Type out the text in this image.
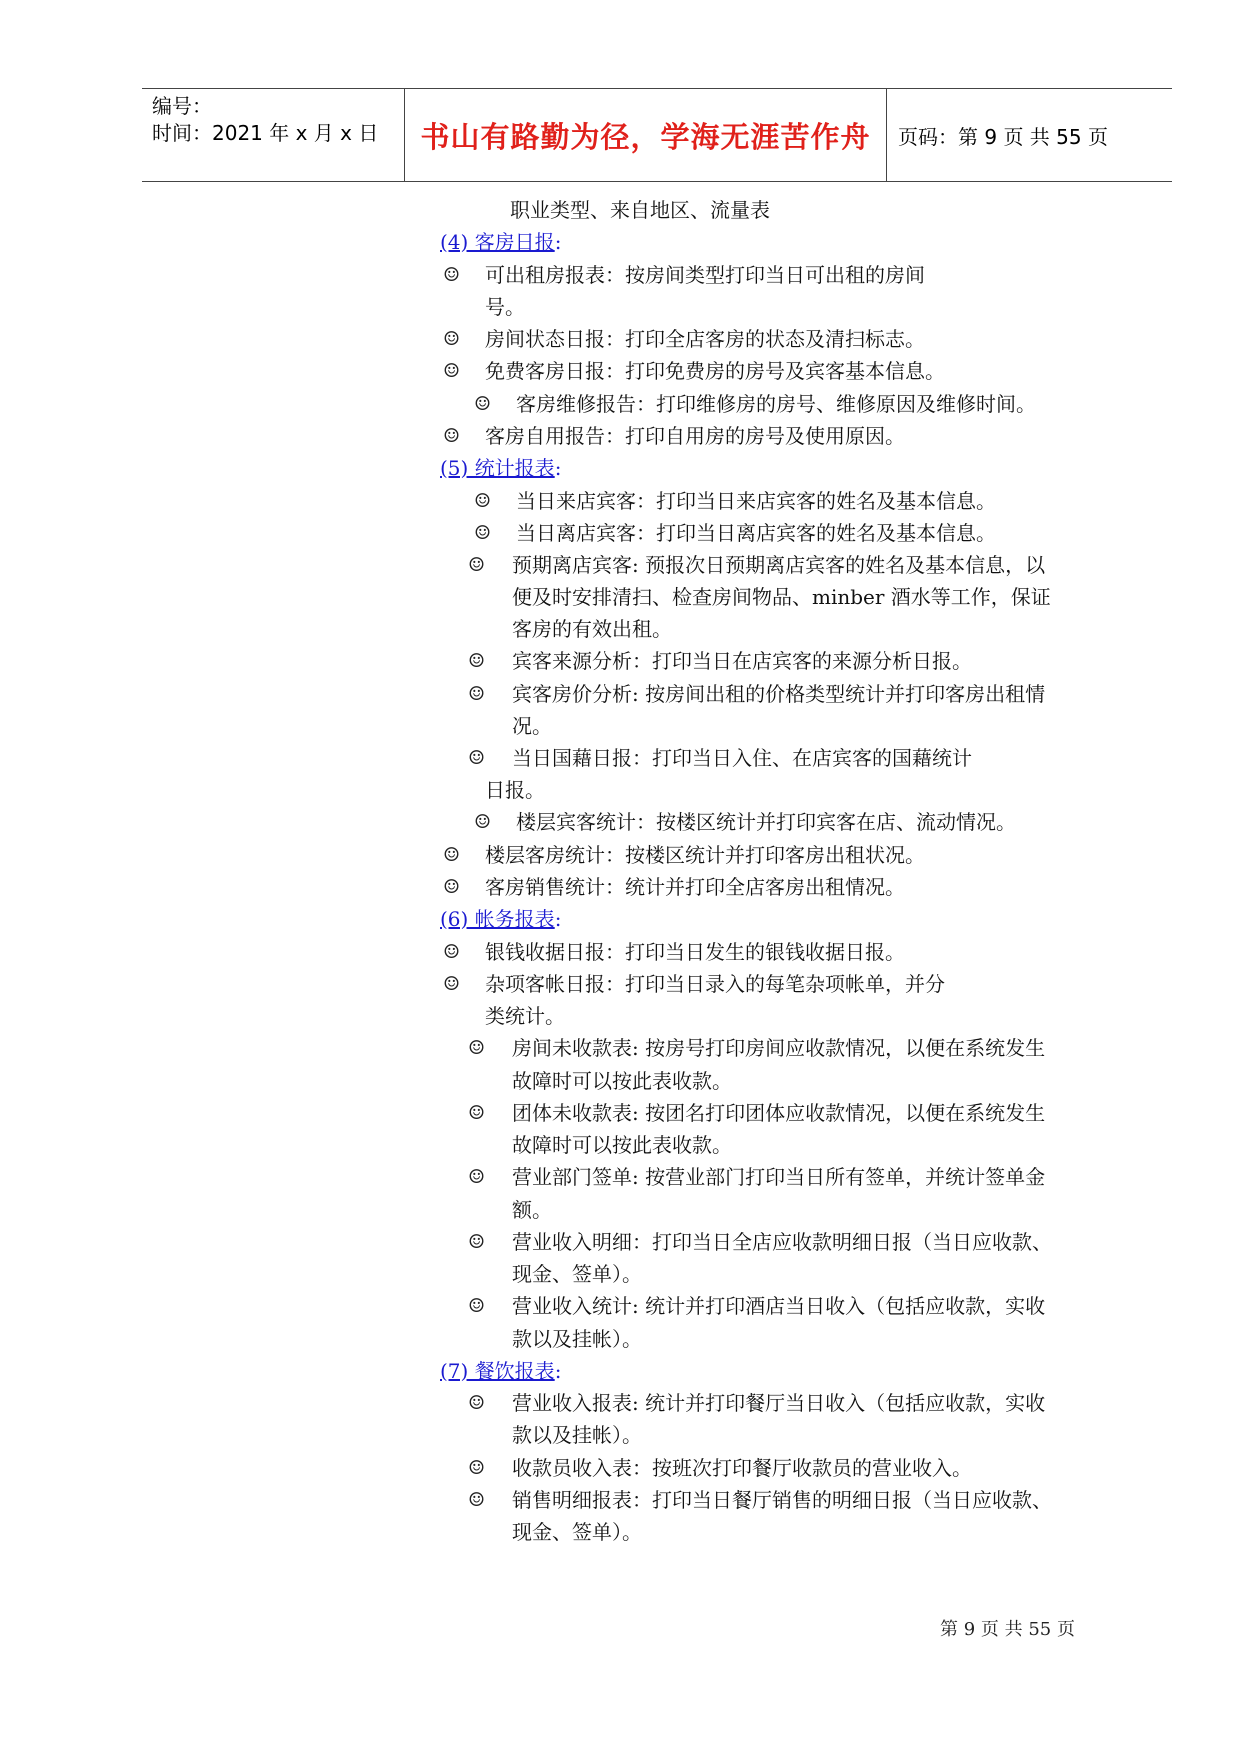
编号：
时间：2021 年 x 月 x 日	书山有路勤为径，学海无涯苦作舟	页码：第 9 页 共 55 页
职业类型、来自地区、流量表
(4) 客房日报:
☺ 可出租房报表：按房间类型打印当日可出租的房间
号。
☺ 房间状态日报：打印全店客房的状态及清扫标志。
☺ 免费客房日报：打印免费房的房号及宾客基本信息。
☺ 客房维修报告：打印维修房的房号、维修原因及维修时间。
☺ 客房自用报告：打印自用房的房号及使用原因。
(5) 统计报表:
☺ 当日来店宾客：打印当日来店宾客的姓名及基本信息。
☺ 当日离店宾客：打印当日离店宾客的姓名及基本信息。
☺ 预期离店宾客: 预报次日预期离店宾客的姓名及基本信息，以
便及时安排清扫、检查房间物品、minber 酒水等工作，保证
客房的有效出租。
☺ 宾客来源分析：打印当日在店宾客的来源分析日报。
☺ 宾客房价分析: 按房间出租的价格类型统计并打印客房出租情
况。
☺ 当日国藉日报：打印当日入住、在店宾客的国藉统计
日报。
☺ 楼层宾客统计：按楼区统计并打印宾客在店、流动情况。
☺ 楼层客房统计：按楼区统计并打印客房出租状况。
☺ 客房销售统计：统计并打印全店客房出租情况。
(6) 帐务报表:
☺ 银钱收据日报：打印当日发生的银钱收据日报。
☺ 杂项客帐日报：打印当日录入的每笔杂项帐单，并分
类统计。
☺ 房间未收款表: 按房号打印房间应收款情况，以便在系统发生
故障时可以按此表收款。
☺ 团体未收款表: 按团名打印团体应收款情况，以便在系统发生
故障时可以按此表收款。
☺ 营业部门签单: 按营业部门打印当日所有签单，并统计签单金
额。
☺ 营业收入明细：打印当日全店应收款明细日报（当日应收款、
现金、签单）。
☺ 营业收入统计: 统计并打印酒店当日收入（包括应收款，实收
款以及挂帐）。
(7) 餐饮报表:
☺ 营业收入报表: 统计并打印餐厅当日收入（包括应收款，实收
款以及挂帐）。
☺ 收款员收入表：按班次打印餐厅收款员的营业收入。
☺ 销售明细报表：打印当日餐厅销售的明细日报（当日应收款、
现金、签单）。
第 9 页 共 55 页
